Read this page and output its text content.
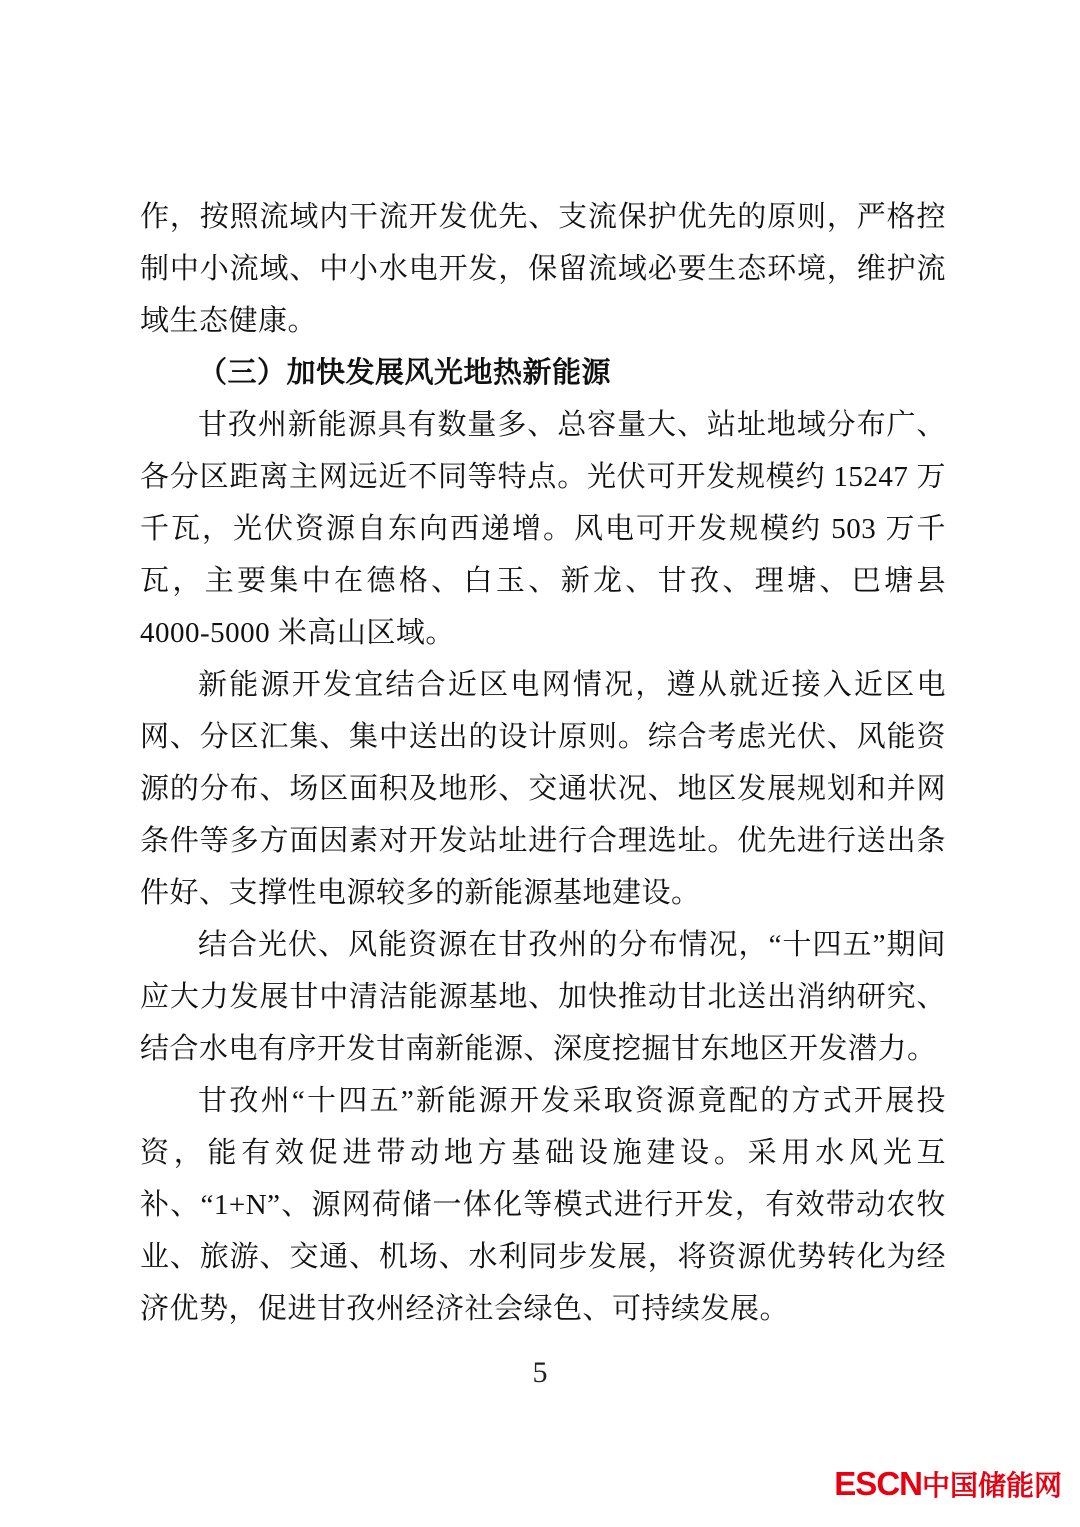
作，按照流域内干流开发优先、支流保护优先的原则，严格控制中小流域、中小水电开发，保留流域必要生态环境，维护流域生态健康。

（三）加快发展风光地热新能源

甘孜州新能源具有数量多、总容量大、站址地域分布广、各分区距离主网远近不同等特点。光伏可开发规模约 15247 万千瓦，光伏资源自东向西递增。风电可开发规模约 503 万千瓦，主要集中在德格、白玉、新龙、甘孜、理塘、巴塘县 4000-5000 米高山区域。

新能源开发宜结合近区电网情况，遵从就近接入近区电网、分区汇集、集中送出的设计原则。综合考虑光伏、风能资源的分布、场区面积及地形、交通状况、地区发展规划和并网条件等多方面因素对开发站址进行合理选址。优先进行送出条件好、支撑性电源较多的新能源基地建设。

结合光伏、风能资源在甘孜州的分布情况，“十四五”期间应大力发展甘中清洁能源基地、加快推动甘北送出消纳研究、结合水电有序开发甘南新能源、深度挖掘甘东地区开发潜力。

甘孜州“十四五”新能源开发采取资源竟配的方式开展投资，能有效促进带动地方基础设施建设。采用水风光互补、“1+N”、源网荷储一体化等模式进行开发，有效带动农牧业、旅游、交通、机场、水利同步发展，将资源优势转化为经济优势，促进甘孜州经济社会绿色、可持续发展。

5
ESCN 中国储能网
